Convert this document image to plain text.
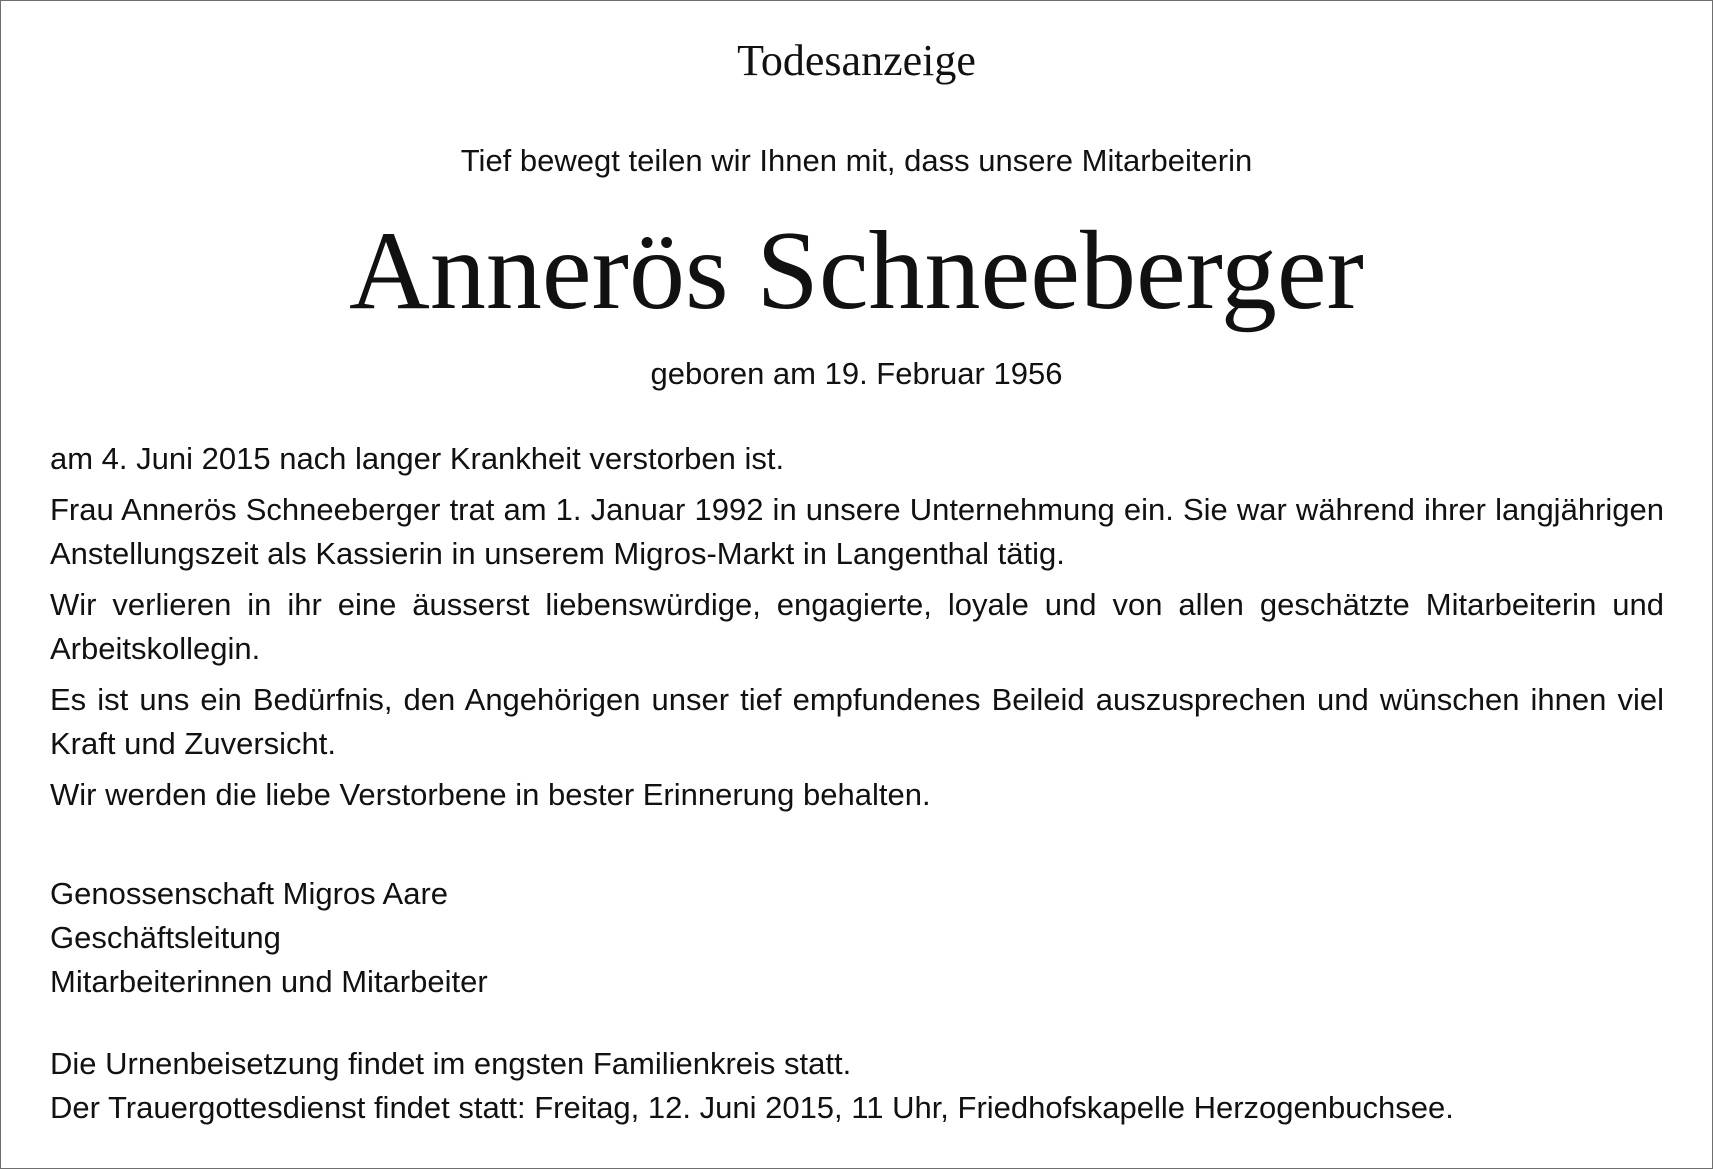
Todesanzeige
Tief bewegt teilen wir Ihnen mit, dass unsere Mitarbeiterin
Annerös Schneeberger
geboren am 19. Februar 1956

am 4. Juni 2015 nach langer Krankheit verstorben ist.

Frau Annerös Schneeberger trat am 1. Januar 1992 in unsere Unternehmung ein. Sie war während ihrer langjährigen Anstellungszeit als Kassierin in unserem Migros-Markt in Langenthal tätig.

Wir verlieren in ihr eine äusserst liebenswürdige, engagierte, loyale und von allen geschätzte Mitarbeiterin und Arbeitskollegin.

Es ist uns ein Bedürfnis, den Angehörigen unser tief empfundenes Beileid auszusprechen und wünschen ihnen viel Kraft und Zuversicht.

Wir werden die liebe Verstorbene in bester Erinnerung behalten.

Genossenschaft Migros Aare
Geschäftsleitung
Mitarbeiterinnen und Mitarbeiter
Die Urnenbeisetzung findet im engsten Familienkreis statt.
Der Trauergottesdienst findet statt: Freitag, 12. Juni 2015, 11 Uhr, Friedhofskapelle Herzogenbuchsee.
